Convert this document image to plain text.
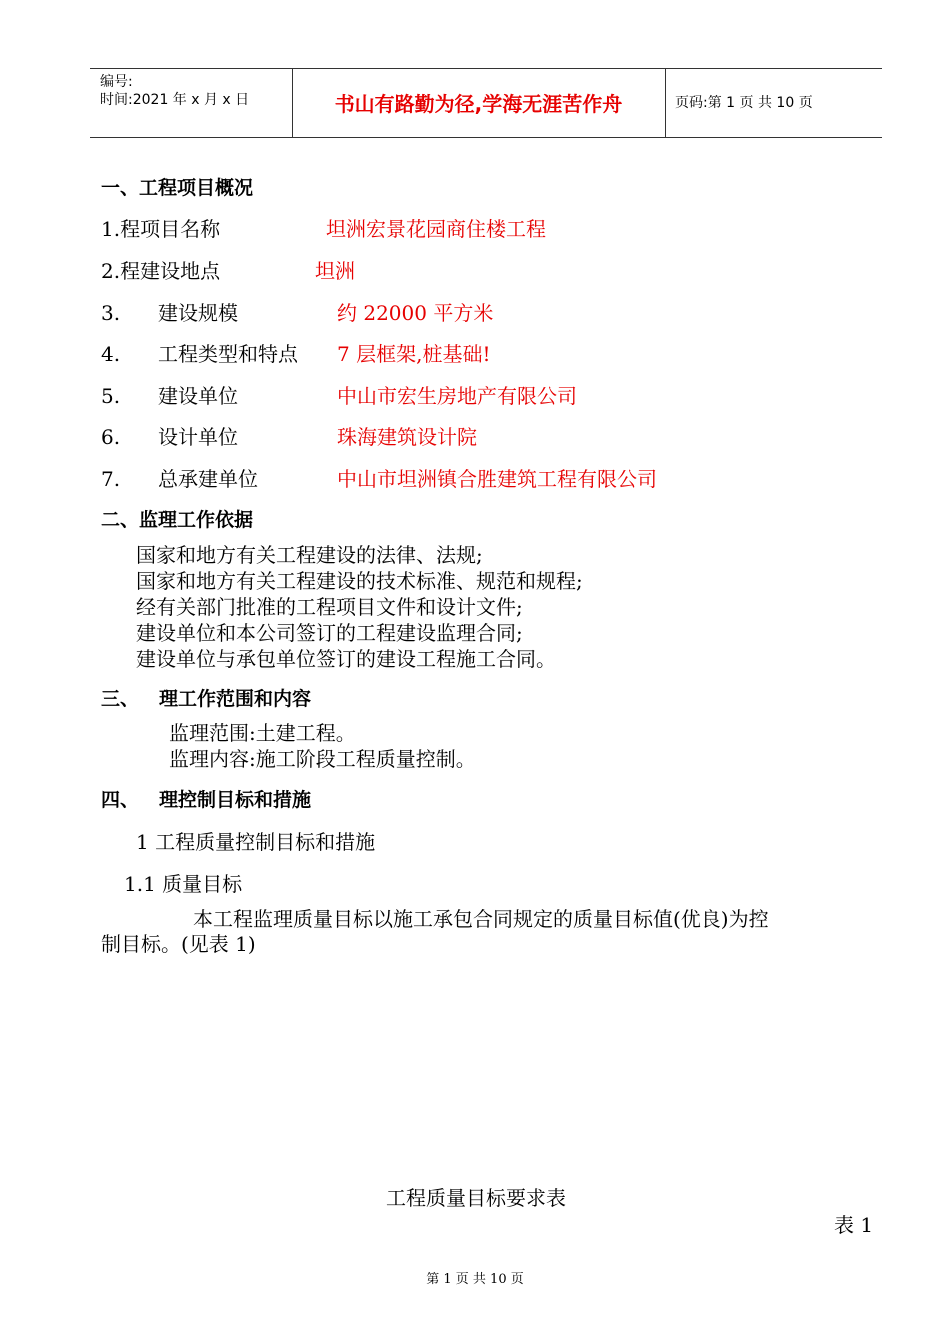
编号:
时间:2021 年 x 月 x 日	书山有路勤为径,学海无涯苦作舟	页码:第 1 页 共 10 页
一、工程项目概况
1.程项目名称	坦洲宏景花园商住楼工程
2.程建设地点	坦洲
3. 建设规模	约 22000 平方米
4. 工程类型和特点 7 层框架,桩基础!
5. 建设单位	中山市宏生房地产有限公司
6. 设计单位	珠海建筑设计院
7. 总承建单位	中山市坦洲镇合胜建筑工程有限公司
二、监理工作依据
国家和地方有关工程建设的法律、法规;
国家和地方有关工程建设的技术标准、规范和规程;
经有关部门批准的工程项目文件和设计文件;
建设单位和本公司签订的工程建设监理合同;
建设单位与承包单位签订的建设工程施工合同。
三、 理工作范围和内容
监理范围:土建工程。
监理内容:施工阶段工程质量控制。
四、 理控制目标和措施
1 工程质量控制目标和措施
1.1 质量目标
本工程监理质量目标以施工承包合同规定的质量目标值(优良)为控
制目标。(见表 1)
工程质量目标要求表
表 1
第 1 页 共 10 页
